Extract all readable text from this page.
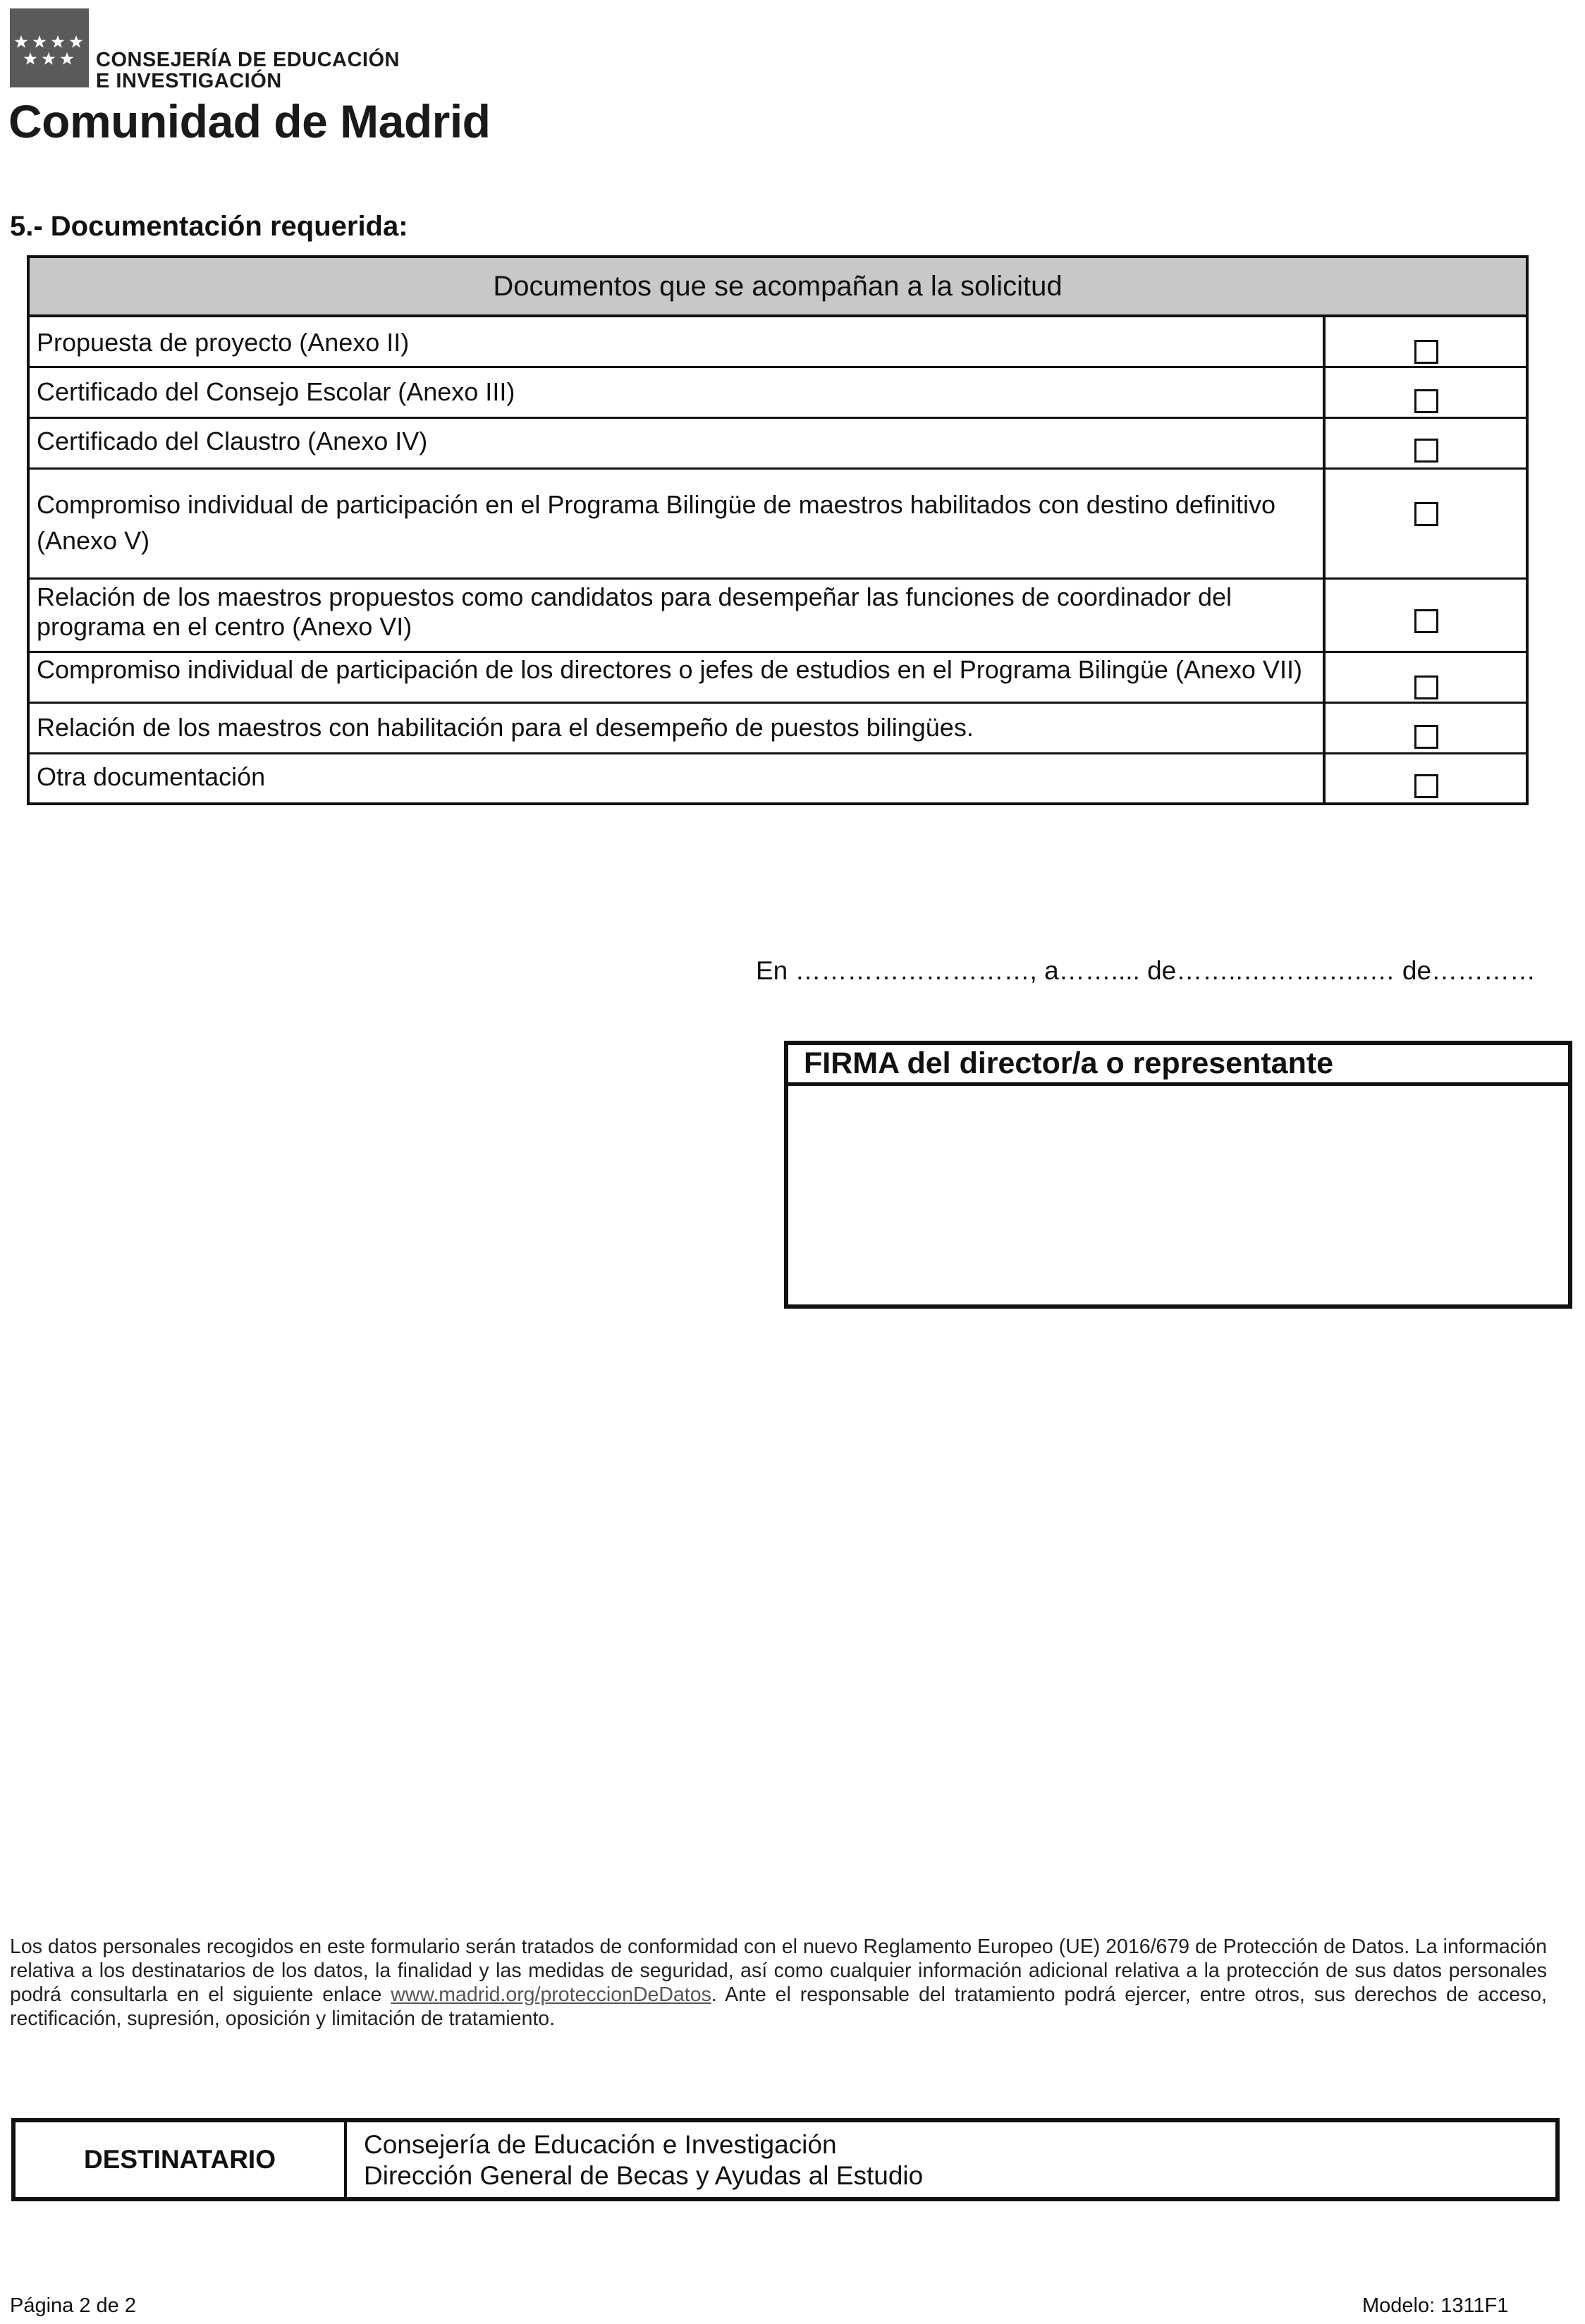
CONSEJERÍA DE EDUCACIÓN
E INVESTIGACIÓN
Comunidad de Madrid
5.- Documentación requerida:
Documentos que se acompañan a la solicitud
Propuesta de proyecto (Anexo II)
Certificado del Consejo Escolar (Anexo III)
Certificado del Claustro (Anexo IV)
Compromiso individual de participación en el Programa Bilingüe de maestros habilitados con destino definitivo (Anexo V)
Relación de los maestros propuestos como candidatos para desempeñar las funciones de coordinador del programa en el centro (Anexo VI)
Compromiso individual de participación de los directores o jefes de estudios en el Programa Bilingüe (Anexo VII)
Relación de los maestros con habilitación para el desempeño de puestos bilingües.
Otra documentación
En ………………………, a…….... de……..……….…..… de…………
FIRMA del director/a o representante
Los datos personales recogidos en este formulario serán tratados de conformidad con el nuevo Reglamento Europeo (UE) 2016/679 de Protección de Datos. La información relativa a los destinatarios de los datos, la finalidad y las medidas de seguridad, así como cualquier información adicional relativa a la protección de sus datos personales podrá consultarla en el siguiente enlace www.madrid.org/proteccionDeDatos. Ante el responsable del tratamiento podrá ejercer, entre otros, sus derechos de acceso, rectificación, supresión, oposición y limitación de tratamiento.
DESTINATARIO
Consejería de Educación e Investigación
Dirección General de Becas y Ayudas al Estudio
Página 2 de 2	Modelo: 1311F1
